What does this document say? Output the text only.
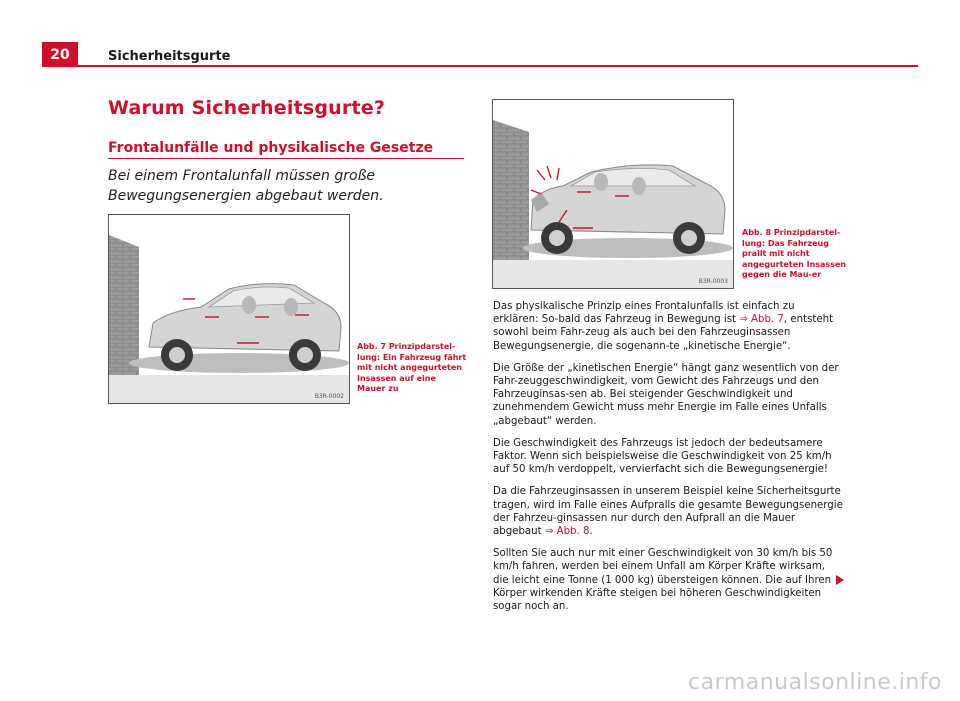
20	Sicherheitsgurte
Warum Sicherheitsgurte?
Frontalunfälle und physikalische Gesetze
Bei einem Frontalunfall müssen große Bewegungsenergien abgebaut werden.
B3R-0002
Abb. 7 Prinzipdarstel-lung: Ein Fahrzeug fährt mit nicht angegurteten Insassen auf eine Mauer zu
B3R-0003
Abb. 8 Prinzipdarstel-lung: Das Fahrzeug prallt mit nicht angegurteten Insassen gegen die Mau-er

Das physikalische Prinzip eines Frontalunfalls ist einfach zu erklären: So-bald das Fahrzeug in Bewegung ist ⇒ Abb. 7, entsteht sowohl beim Fahr-zeug als auch bei den Fahrzeuginsassen Bewegungsenergie, die sogenann-te „kinetische Energie“.

Die Größe der „kinetischen Energie“ hängt ganz wesentlich von der Fahr-zeuggeschwindigkeit, vom Gewicht des Fahrzeugs und den Fahrzeuginsas-sen ab. Bei steigender Geschwindigkeit und zunehmendem Gewicht muss mehr Energie im Falle eines Unfalls „abgebaut“ werden.

Die Geschwindigkeit des Fahrzeugs ist jedoch der bedeutsamere Faktor. Wenn sich beispielsweise die Geschwindigkeit von 25 km/h auf 50 km/h verdoppelt, vervierfacht sich die Bewegungsenergie!

Da die Fahrzeuginsassen in unserem Beispiel keine Sicherheitsgurte tragen, wird im Falle eines Aufpralls die gesamte Bewegungsenergie der Fahrzeu-ginsassen nur durch den Aufprall an die Mauer abgebaut ⇒ Abb. 8.

Sollten Sie auch nur mit einer Geschwindigkeit von 30 km/h bis 50 km/h fahren, werden bei einem Unfall am Körper Kräfte wirksam, die leicht eine Tonne (1 000 kg) übersteigen können. Die auf Ihren Körper wirkenden Kräfte steigen bei höheren Geschwindigkeiten sogar noch an.

carmanualsonline.info
